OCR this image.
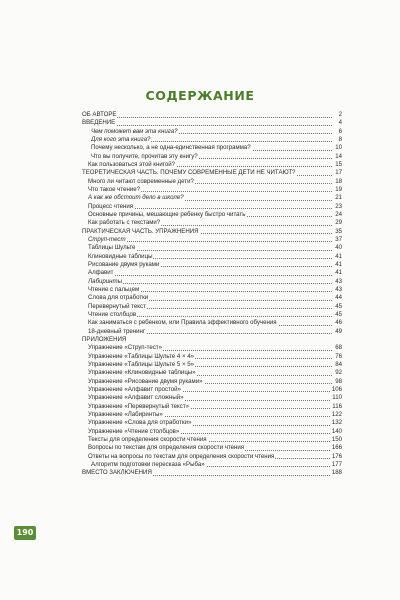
СОДЕРЖАНИЕ
ОБ АВТОРЕ	2
ВВЕДЕНИЕ	4
Чем поможет вам эта книга?	6
Для кого эта книга?	8
Почему несколько, а не одна-единственная программа?	10
Что вы получите, прочитав эту книгу?	14
Как пользоваться этой книгой?	15
ТЕОРЕТИЧЕСКАЯ ЧАСТЬ. ПОЧЕМУ СОВРЕМЕННЫЕ ДЕТИ НЕ ЧИТАЮТ?	17
Много ли читают современные дети?	18
Что такое чтение?	19
А как же обстоит дело в школе?	21
Процесс чтения	23
Основные причины, мешающие ребенку быстро читать	24
Как работать с текстами?	29
ПРАКТИЧЕСКАЯ ЧАСТЬ. УПРАЖНЕНИЯ	35
Струп-тест	37
Таблицы Шульте	40
Клиновидные таблицы	41
Рисование двумя руками	41
Алфавит	41
Лабиринты	43
Чтение с пальцем	43
Слова для отработки	44
Перевернутый текст	45
Чтение столбцов	45
Как заниматься с ребенком, или Правила эффективного обучения	46
18-дневный тренинг	49
ПРИЛОЖЕНИЯ
Упражнение «Струп-тест»	68
Упражнение «Таблицы Шульте 4 × 4»	76
Упражнение «Таблицы Шульте 5 × 5»	84
Упражнение «Клиновидные таблицы»	92
Упражнение «Рисование двумя руками»	98
Упражнение «Алфавит простой»	106
Упражнение «Алфавит сложный»	110
Упражнение «Перевернутый текст»	116
Упражнение «Лабиринты»	122
Упражнение «Слова для отработки»	132
Упражнение «Чтение столбцов»	140
Тексты для определения скорости чтения	150
Вопросы по текстам для определения скорости чтения	166
Ответы на вопросы по текстам для определения скорости чтения	176
Алгоритм подготовки пересказа «Рыба»	177
ВМЕСТО ЗАКЛЮЧЕНИЯ	188
190
